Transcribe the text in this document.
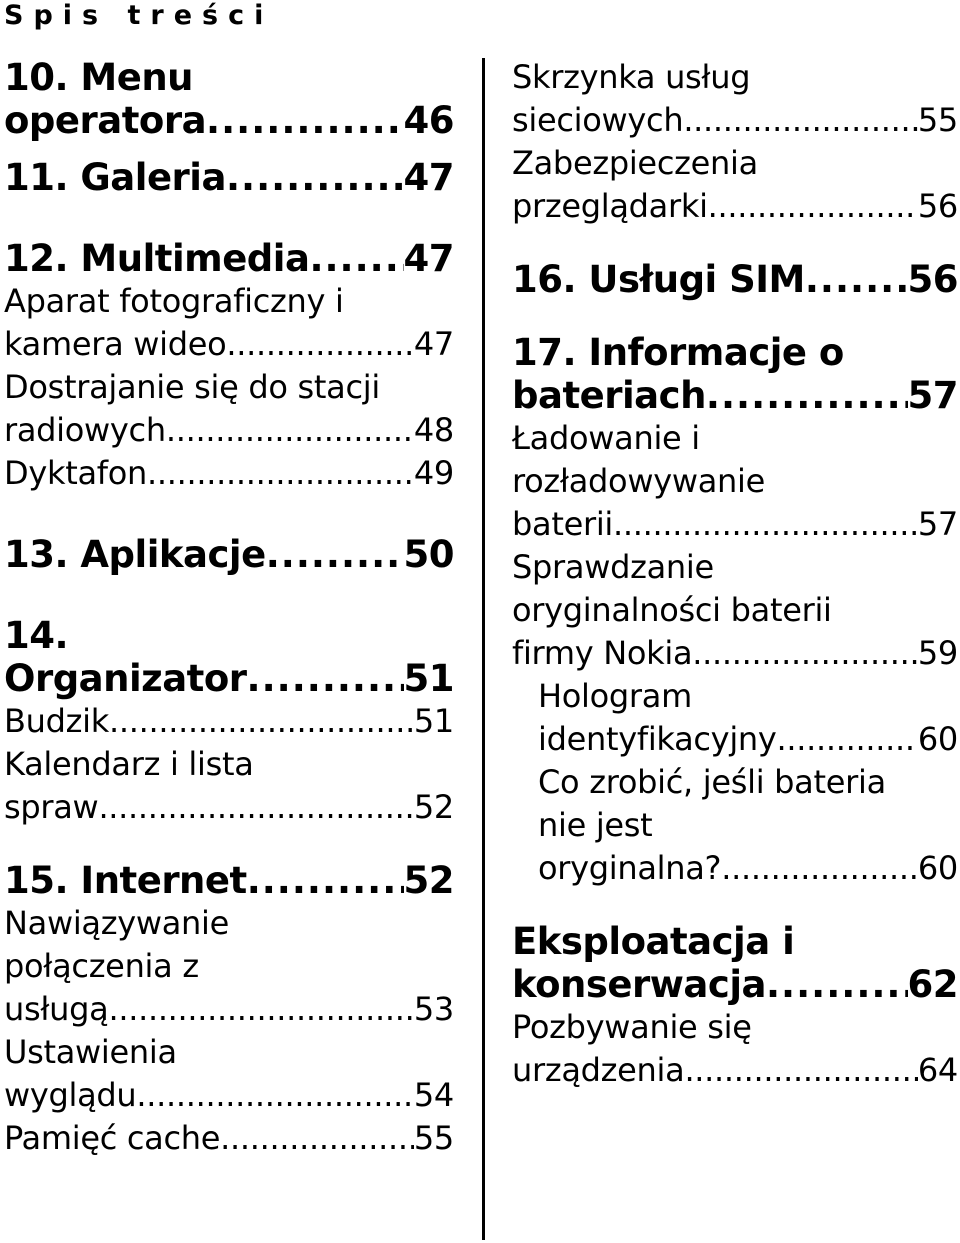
Spis treści
10. Menu
operatora .....	46
11. Galeria .....	47
12. Multimedia .....	47
Aparat fotograficzny i
kamera wideo .....	47
Dostrajanie się do stacji
radiowych .....	48
Dyktafon .....	49
13. Aplikacje .....	50
14.
Organizator .....	51
Budzik .....	51
Kalendarz i lista
spraw .....	52
15. Internet .....	52
Nawiązywanie
połączenia z
usługą .....	53
Ustawienia
wyglądu .....	54
Pamięć cache .....	55
Skrzynka usług
sieciowych .....	55
Zabezpieczenia
przeglądarki .....	56
16. Usługi SIM .....	56
17. Informacje o
bateriach .....	57
Ładowanie i
rozładowywanie
baterii .....	57
Sprawdzanie
oryginalności baterii
firmy Nokia .....	59
Hologram
identyfikacyjny .....	60
Co zrobić, jeśli bateria
nie jest
oryginalna? .....	60
Eksploatacja i
konserwacja .....	62
Pozbywanie się
urządzenia .....	64
